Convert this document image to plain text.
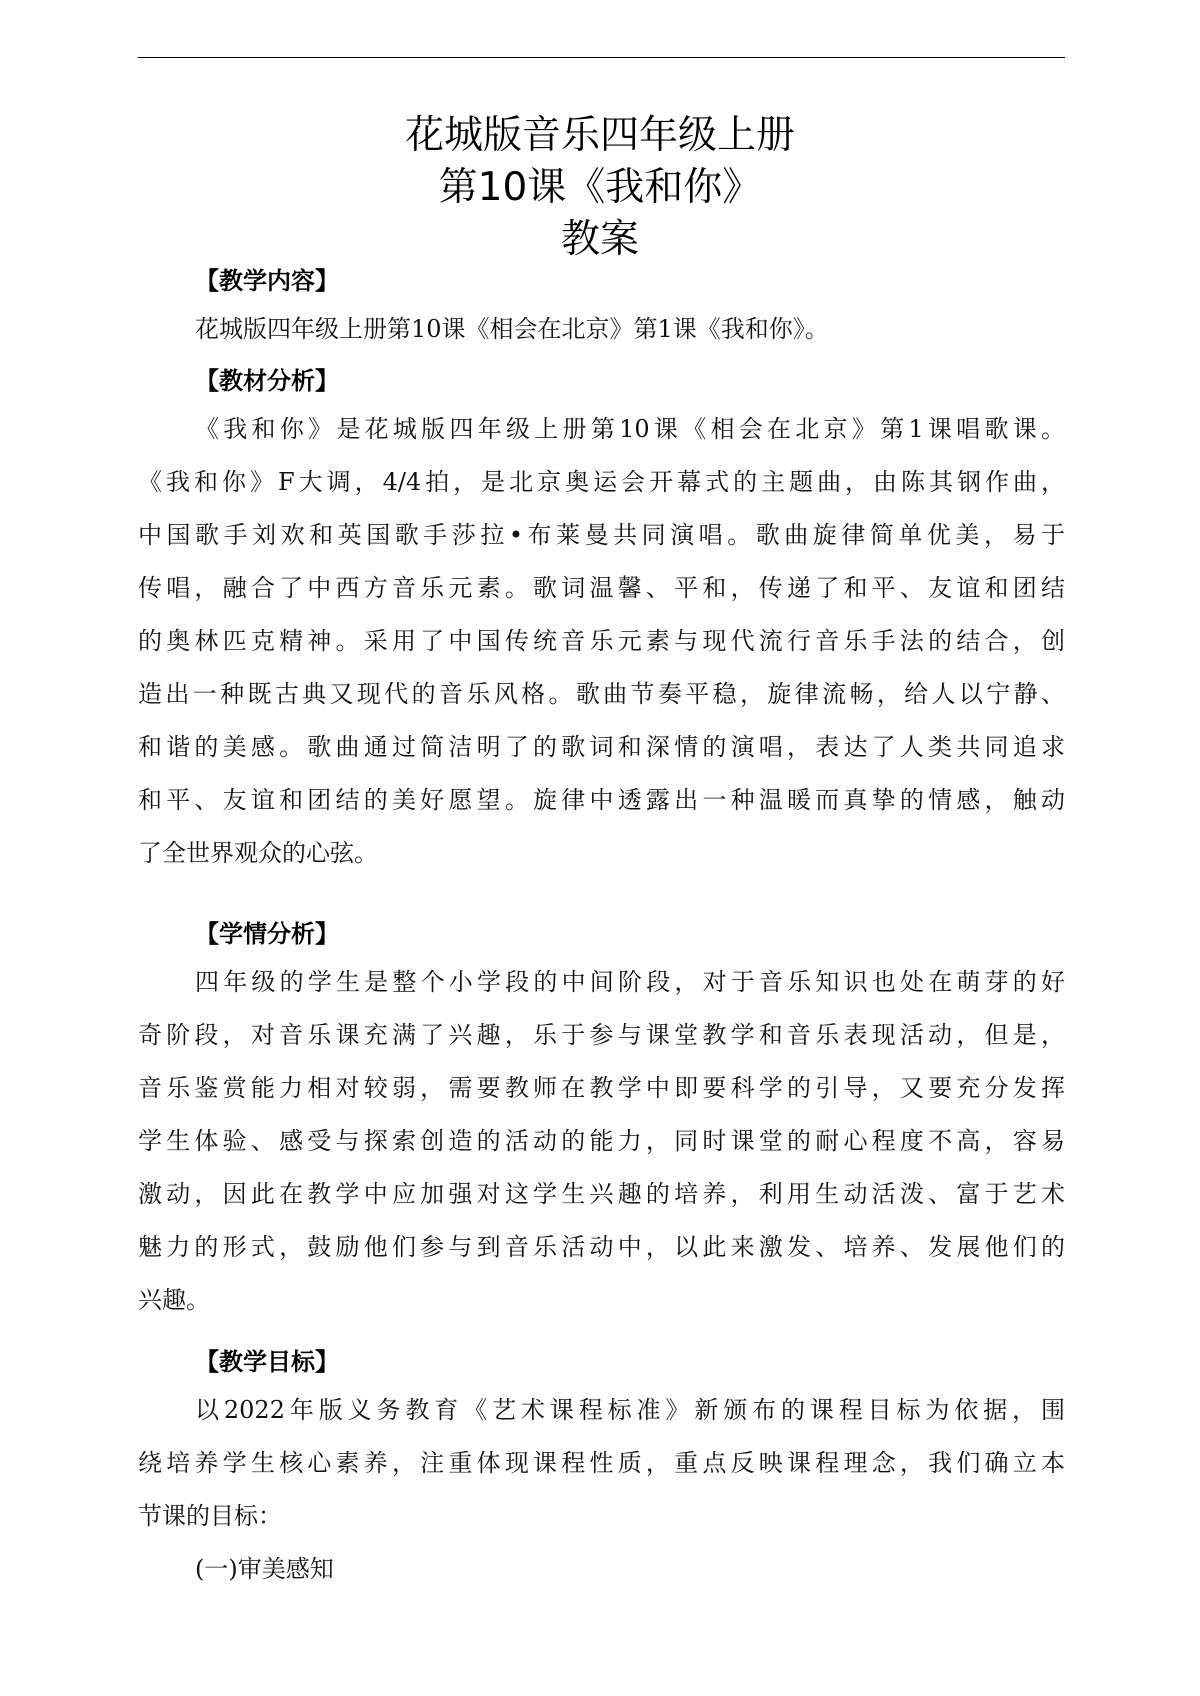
花城版音乐四年级上册
第10课《我和你》
教案
【教学内容】
花城版四年级上册第10课《相会在北京》第1课《我和你》。
【教材分析】
《我和你》是花城版四年级上册第10课《相会在北京》第1课唱歌课。
《我和你》F大调，4/4拍，是北京奥运会开幕式的主题曲，由陈其钢作曲，
中国歌手刘欢和英国歌手莎拉•布莱曼共同演唱。歌曲旋律简单优美，易于
传唱，融合了中西方音乐元素。歌词温馨、平和，传递了和平、友谊和团结
的奥林匹克精神。采用了中国传统音乐元素与现代流行音乐手法的结合，创
造出一种既古典又现代的音乐风格。歌曲节奏平稳，旋律流畅，给人以宁静、
和谐的美感。歌曲通过简洁明了的歌词和深情的演唱，表达了人类共同追求
和平、友谊和团结的美好愿望。旋律中透露出一种温暖而真挚的情感，触动
了全世界观众的心弦。
【学情分析】
四年级的学生是整个小学段的中间阶段，对于音乐知识也处在萌芽的好
奇阶段，对音乐课充满了兴趣，乐于参与课堂教学和音乐表现活动，但是，
音乐鉴赏能力相对较弱，需要教师在教学中即要科学的引导，又要充分发挥
学生体验、感受与探索创造的活动的能力，同时课堂的耐心程度不高，容易
激动，因此在教学中应加强对这学生兴趣的培养，利用生动活泼、富于艺术
魅力的形式，鼓励他们参与到音乐活动中，以此来激发、培养、发展他们的
兴趣。
【教学目标】
以2022年版义务教育《艺术课程标准》新颁布的课程目标为依据，围
绕培养学生核心素养，注重体现课程性质，重点反映课程理念，我们确立本
节课的目标：
(一)审美感知
